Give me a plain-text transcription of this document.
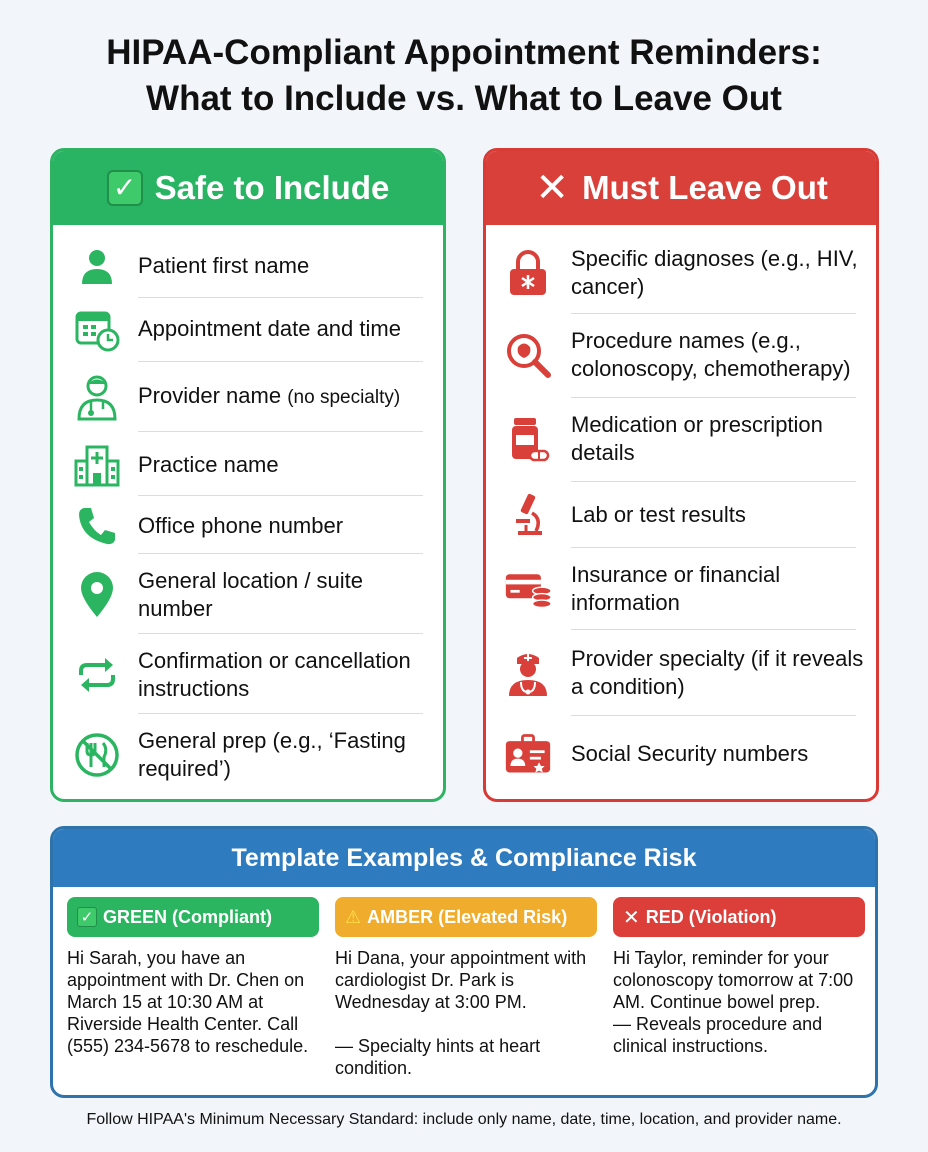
HIPAA-Compliant Appointment Reminders:
What to Include vs. What to Leave Out
✓ Safe to Include
Patient first name
Appointment date and time
Provider name (no specialty)
Practice name
Office phone number
General location / suite number
Confirmation or cancellation instructions
General prep (e.g., ‘Fasting required’)
✕ Must Leave Out
Specific diagnoses (e.g., HIV, cancer)
Procedure names (e.g., colonoscopy, chemotherapy)
Medication or prescription details
Lab or test results
Insurance or financial information
Provider specialty (if it reveals a condition)
Social Security numbers
Template Examples & Compliance Risk
✓ GREEN (Compliant)

Hi Sarah, you have an appointment with Dr. Chen on March 15 at 10:30 AM at Riverside Health Center. Call (555) 234-5678 to reschedule.

⚠ AMBER (Elevated Risk)

Hi Dana, your appointment with cardiologist Dr. Park is Wednesday at 3:00 PM.

— Specialty hints at heart condition.

✕ RED (Violation)

Hi Taylor, reminder for your colonoscopy tomorrow at 7:00 AM. Continue bowel prep.

— Reveals procedure and clinical instructions.

Follow HIPAA's Minimum Necessary Standard: include only name, date, time, location, and provider name.
